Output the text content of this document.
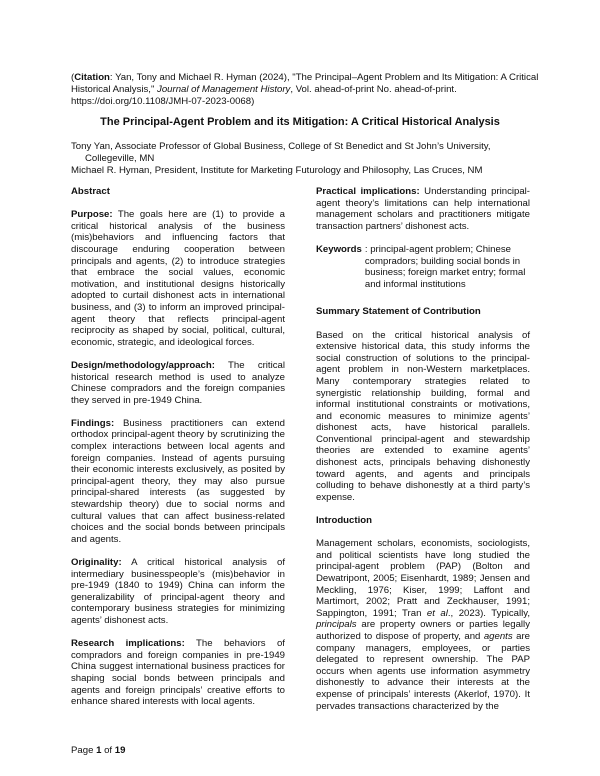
(Citation: Yan, Tony and Michael R. Hyman (2024), "The Principal–Agent Problem and Its Mitigation: A Critical Historical Analysis," Journal of Management History, Vol. ahead-of-print No. ahead-of-print. https://doi.org/10.1108/JMH-07-2023-0068)
The Principal-Agent Problem and its Mitigation: A Critical Historical Analysis
Tony Yan, Associate Professor of Global Business, College of St Benedict and St John’s University, Collegeville, MN
Michael R. Hyman, President, Institute for Marketing Futurology and Philosophy, Las Cruces, NM
Abstract

Purpose: The goals here are (1) to provide a critical historical analysis of the business (mis)behaviors and influencing factors that discourage enduring cooperation between principals and agents, (2) to introduce strategies that embrace the social values, economic motivation, and institutional designs historically adopted to curtail dishonest acts in international business, and (3) to inform an improved principal-agent theory that reflects principal-agent reciprocity as shaped by social, political, cultural, economic, strategic, and ideological forces.

Design/methodology/approach: The critical historical research method is used to analyze Chinese compradors and the foreign companies they served in pre-1949 China.

Findings: Business practitioners can extend orthodox principal-agent theory by scrutinizing the complex interactions between local agents and foreign companies. Instead of agents pursuing their economic interests exclusively, as posited by principal-agent theory, they may also pursue principal-shared interests (as suggested by stewardship theory) due to social norms and cultural values that can affect business-related choices and the social bonds between principals and agents.

Originality: A critical historical analysis of intermediary businesspeople’s (mis)behavior in pre-1949 (1840 to 1949) China can inform the generalizability of principal-agent theory and contemporary business strategies for minimizing agents’ dishonest acts.

Research implications: The behaviors of compradors and foreign companies in pre-1949 China suggest international business practices for shaping social bonds between principals and agents and foreign principals’ creative efforts to enhance shared interests with local agents.

Practical implications: Understanding principal-agent theory’s limitations can help international management scholars and practitioners mitigate transaction partners’ dishonest acts.

Keywords : principal-agent problem; Chinese compradors; building social bonds in business; foreign market entry; formal and informal institutions
Summary Statement of Contribution

Based on the critical historical analysis of extensive historical data, this study informs the social construction of solutions to the principal-agent problem in non-Western marketplaces. Many contemporary strategies related to synergistic relationship building, formal and informal institutional constraints or motivations, and economic measures to minimize agents’ dishonest acts, have historical parallels. Conventional principal-agent and stewardship theories are extended to examine agents’ dishonest acts, principals behaving dishonestly toward agents, and agents and principals colluding to behave dishonestly at a third party’s expense.

Introduction

Management scholars, economists, sociologists, and political scientists have long studied the principal-agent problem (PAP) (Bolton and Dewatripont, 2005; Eisenhardt, 1989; Jensen and Meckling, 1976; Kiser, 1999; Laffont and Martimort, 2002; Pratt and Zeckhauser, 1991; Sappington, 1991; Tran et al., 2023). Typically, principals are property owners or parties legally authorized to dispose of property, and agents are company managers, employees, or parties delegated to represent ownership. The PAP occurs when agents use information asymmetry dishonestly to advance their interests at the expense of principals’ interests (Akerlof, 1970). It pervades transactions characterized by the

Page 1 of 19
